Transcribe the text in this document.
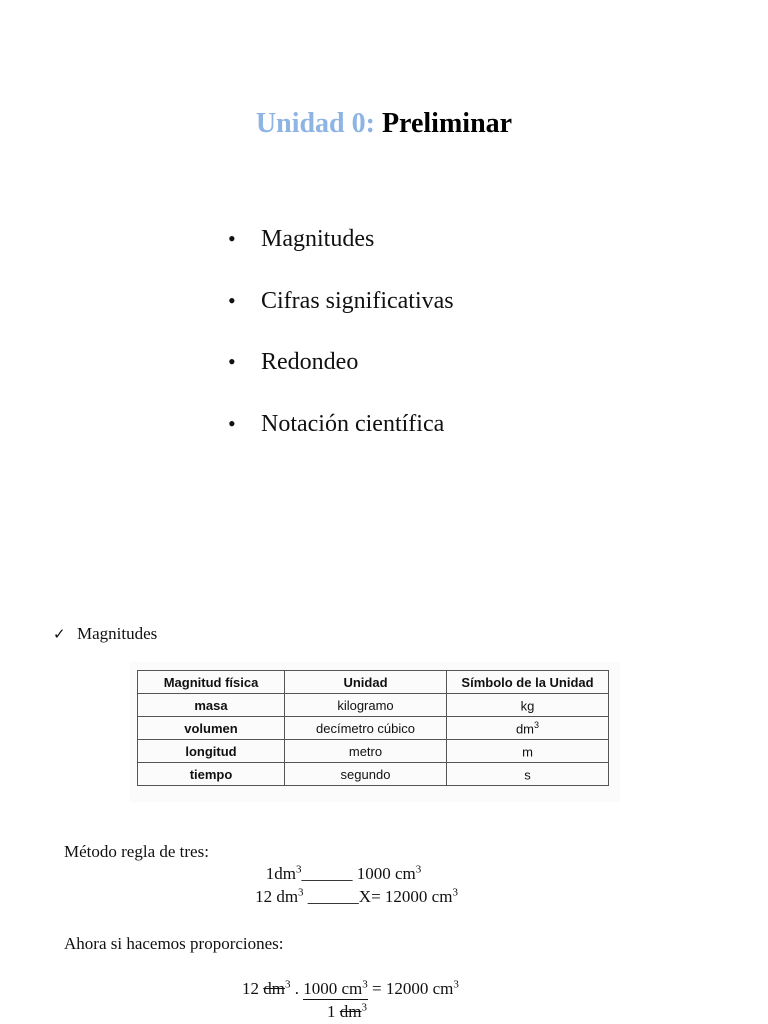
Unidad 0: Preliminar
•	Magnitudes
•	Cifras significativas
•	Redondeo
•	Notación científica
✓ Magnitudes
Magnitud física	Unidad	Símbolo de la Unidad
masa	kilogramo	kg
volumen	decímetro cúbico	$dm^3$
longitud	metro	m
tiempo	segundo	s
Método regla de tres:
$1dm^3\_\_\_\_\_\_$ 1000 $cm^3$
12 $dm^3$ ______X= 12000 $cm^3$
Ahora si hacemos proporciones:
12 $dm^3$ . 1000 $cm^3 = 12000$ $cm^3$
1 $dm^3$
